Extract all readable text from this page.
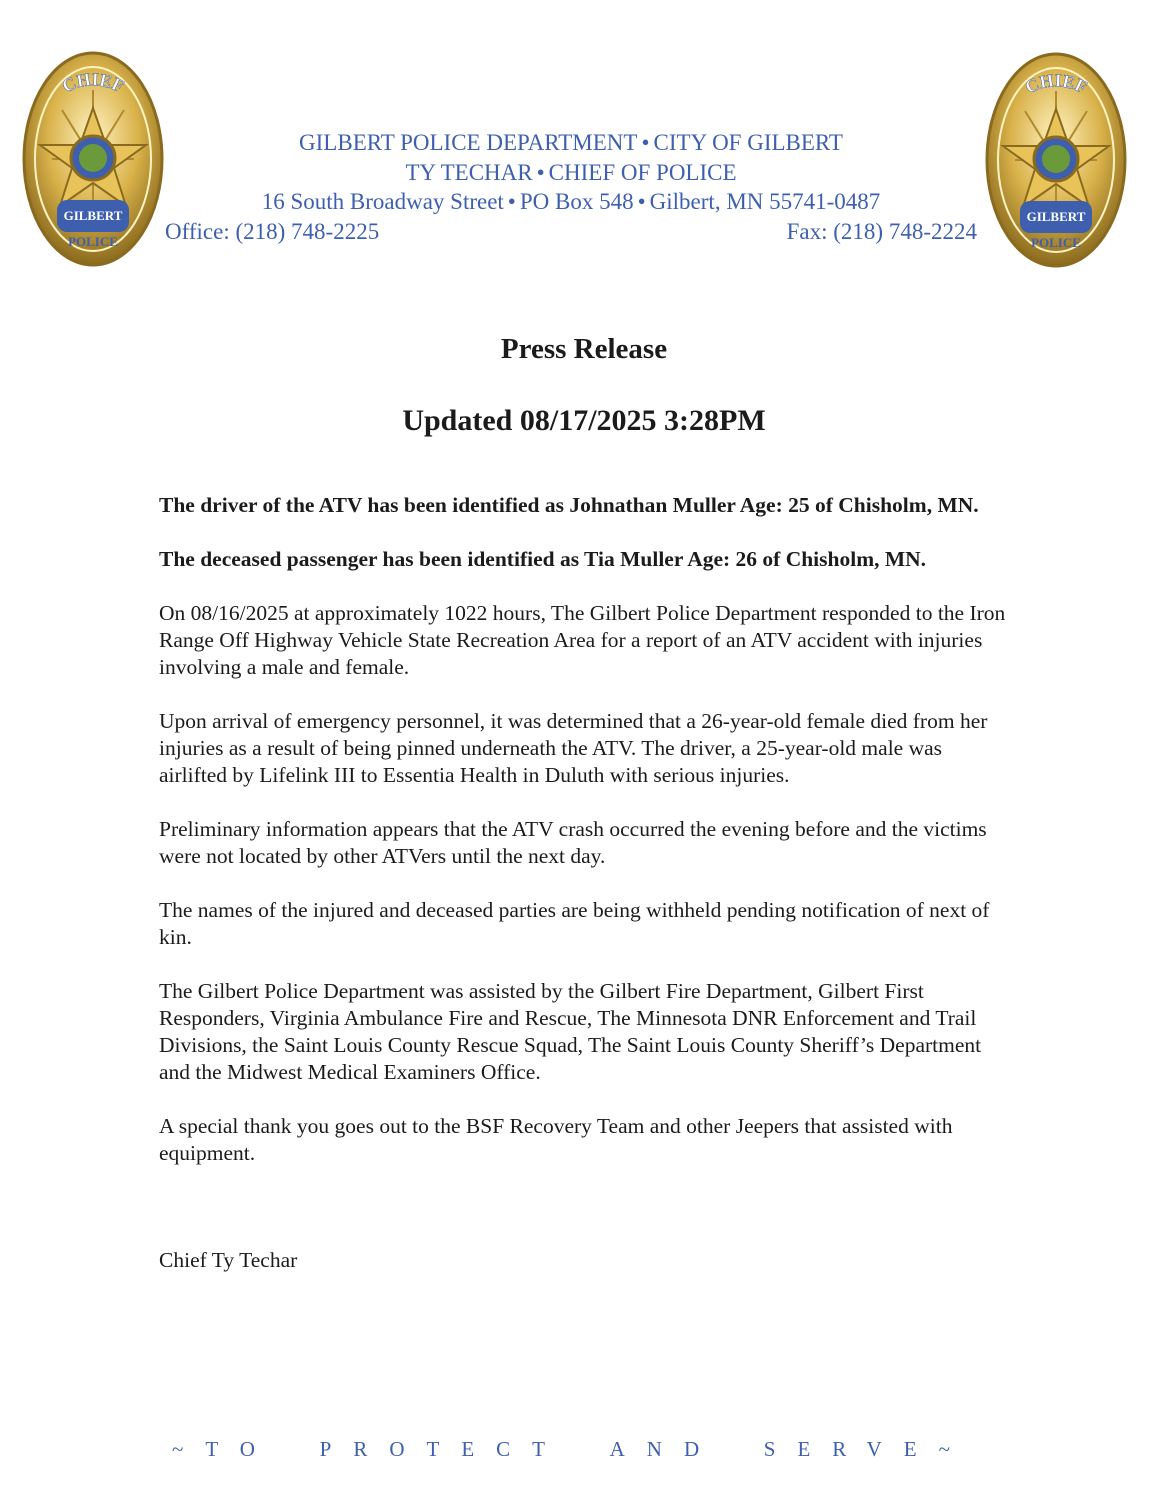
CHIEF
GILBERT
POLICE
CHIEF
GILBERT
POLICE
GILBERT POLICE DEPARTMENT • CITY OF GILBERT
TY TECHAR • CHIEF OF POLICE
16 South Broadway Street • PO Box 548 • Gilbert, MN 55741-0487
Office: (218) 748-2225	Fax: (218) 748-2224
Press Release
Updated 08/17/2025 3:28PM

The driver of the ATV has been identified as Johnathan Muller Age: 25 of Chisholm, MN.

The deceased passenger has been identified as Tia Muller Age: 26 of Chisholm, MN.

On 08/16/2025 at approximately 1022 hours, The Gilbert Police Department responded to the Iron Range Off Highway Vehicle State Recreation Area for a report of an ATV accident with injuries involving a male and female.

Upon arrival of emergency personnel, it was determined that a 26-year-old female died from her injuries as a result of being pinned underneath the ATV. The driver, a 25-year-old male was airlifted by Lifelink III to Essentia Health in Duluth with serious injuries.

Preliminary information appears that the ATV crash occurred the evening before and the victims were not located by other ATVers until the next day.

The names of the injured and deceased parties are being withheld pending notification of next of kin.

The Gilbert Police Department was assisted by the Gilbert Fire Department, Gilbert First Responders, Virginia Ambulance Fire and Rescue, The Minnesota DNR Enforcement and Trail Divisions, the Saint Louis County Rescue Squad, The Saint Louis County Sheriff’s Department and the Midwest Medical Examiners Office.

A special thank you goes out to the BSF Recovery Team and other Jeepers that assisted with equipment.

Chief Ty Techar

~TO PROTECT AND SERVE~
